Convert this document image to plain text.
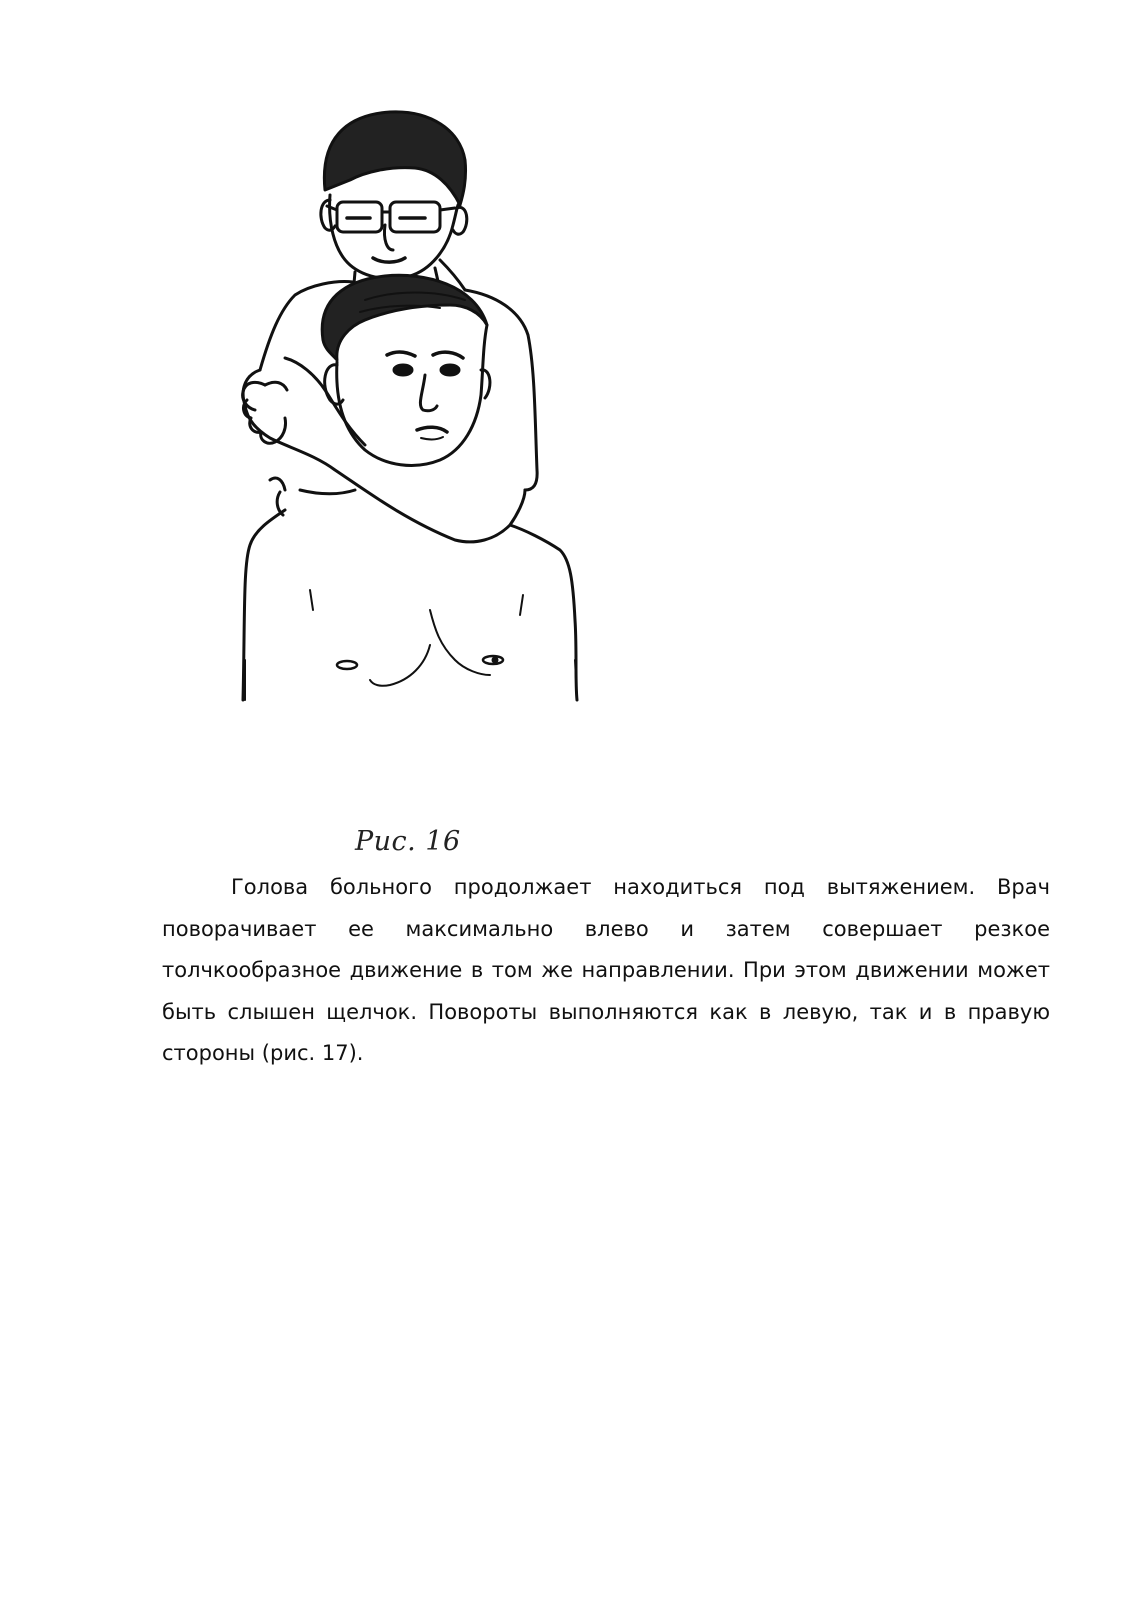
Рис. 16

Голова больного продолжает находиться под вытяжением. Врач поворачивает ее максимально влево и затем совершает резкое толчкообразное движение в том же направлении. При этом движении может быть слышен щелчок. Повороты выполняются как в левую, так и в правую стороны (рис. 17).
